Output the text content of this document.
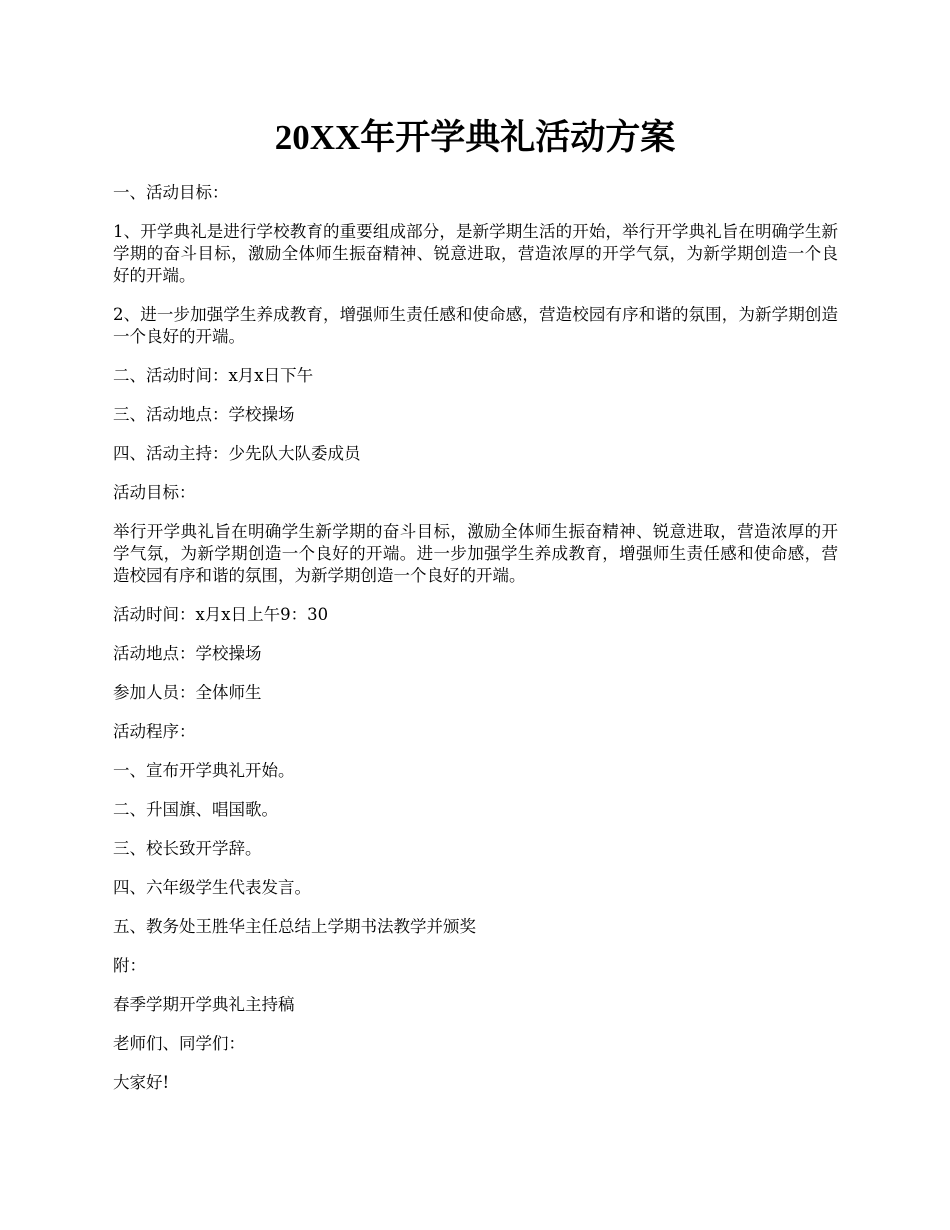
20XX年开学典礼活动方案

一、活动目标：

1、开学典礼是进行学校教育的重要组成部分，是新学期生活的开始，举行开学典礼旨在明确学生新学期的奋斗目标，激励全体师生振奋精神、锐意进取，营造浓厚的开学气氛，为新学期创造一个良好的开端。

2、进一步加强学生养成教育，增强师生责任感和使命感，营造校园有序和谐的氛围，为新学期创造一个良好的开端。

二、活动时间：x月x日下午

三、活动地点：学校操场

四、活动主持：少先队大队委成员

活动目标：

举行开学典礼旨在明确学生新学期的奋斗目标，激励全体师生振奋精神、锐意进取，营造浓厚的开学气氛，为新学期创造一个良好的开端。进一步加强学生养成教育，增强师生责任感和使命感，营造校园有序和谐的氛围，为新学期创造一个良好的开端。

活动时间：x月x日上午9：30

活动地点：学校操场

参加人员：全体师生

活动程序：

一、宣布开学典礼开始。

二、升国旗、唱国歌。

三、校长致开学辞。

四、六年级学生代表发言。

五、教务处王胜华主任总结上学期书法教学并颁奖

附：

春季学期开学典礼主持稿

老师们、同学们：

大家好!
